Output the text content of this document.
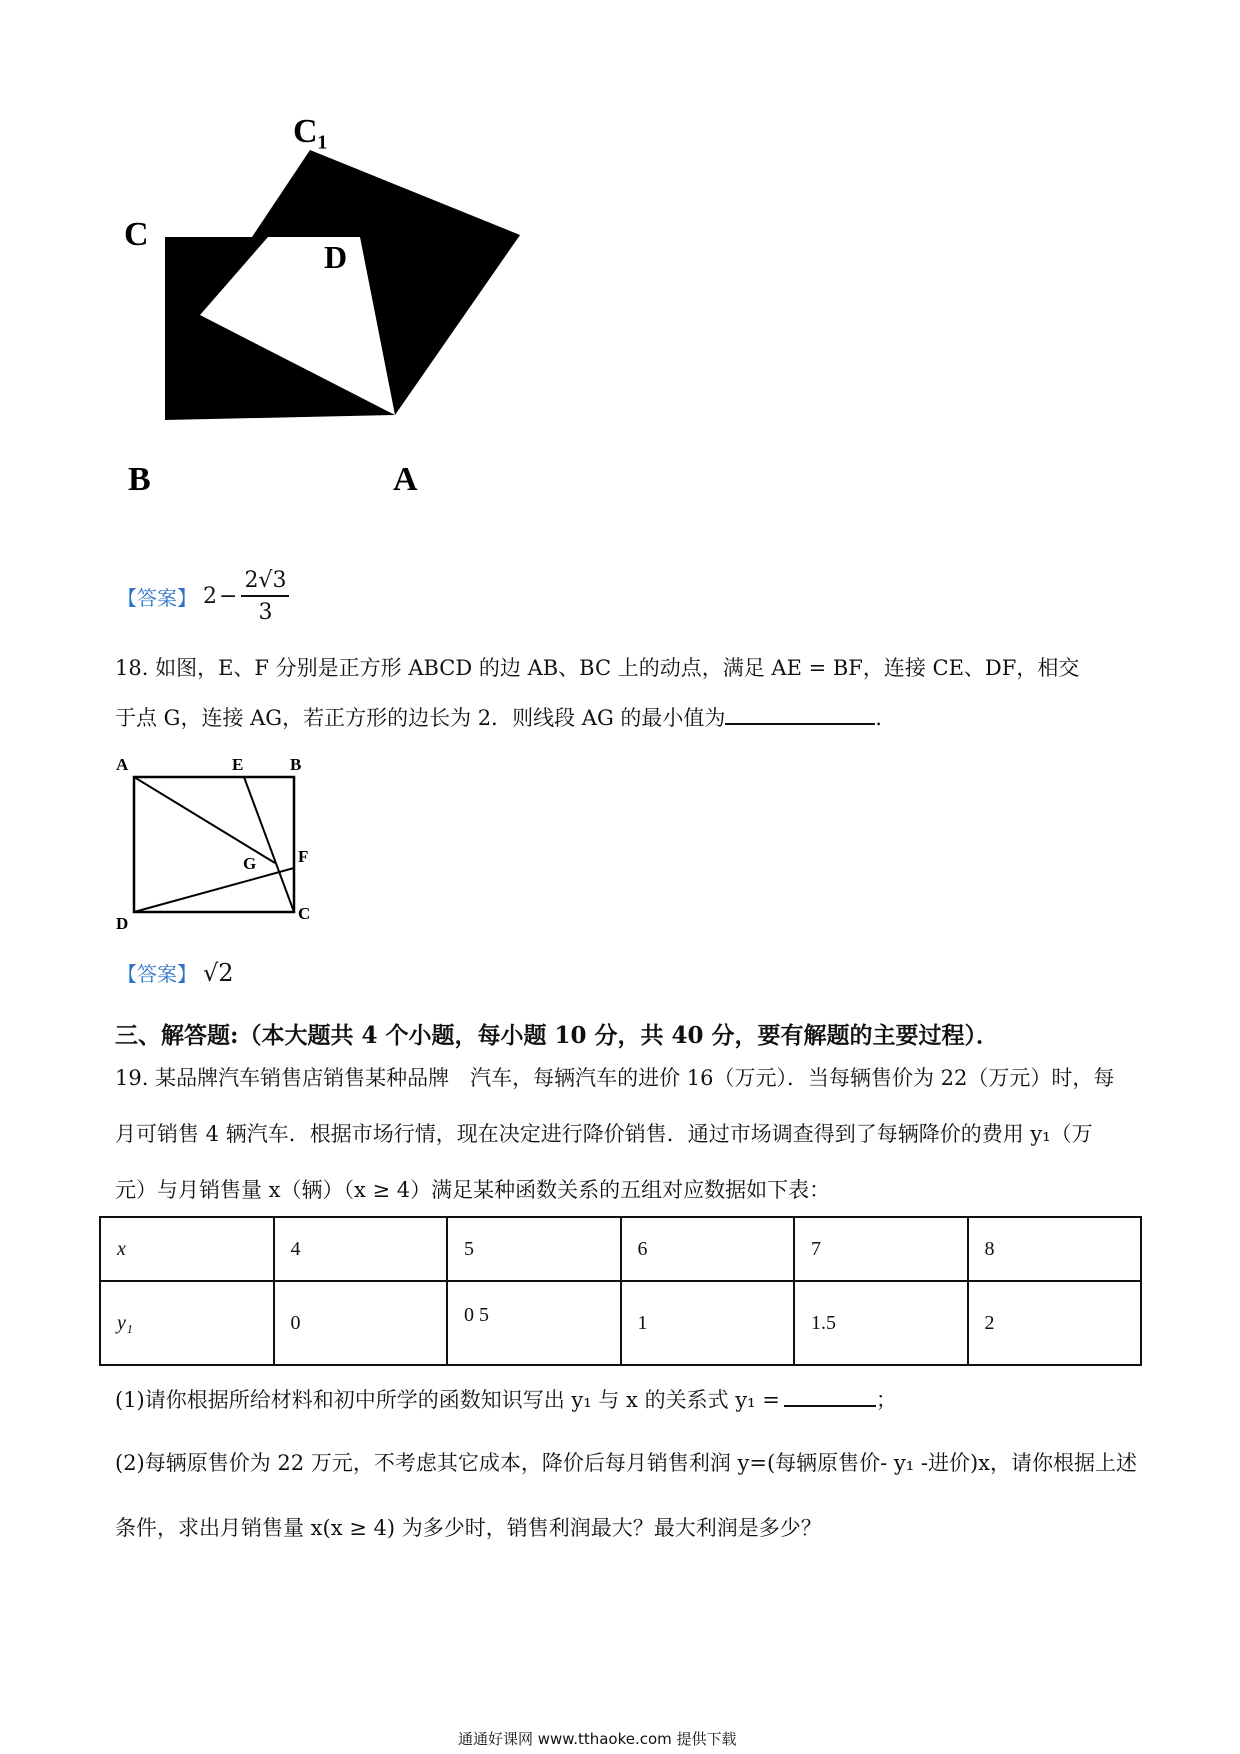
C₁
C
D
D₁
B₁
B	A
【答案】 $2 - \frac{2√3}{3}$
18. 如图，E、F 分别是正方形 ABCD 的边 AB、BC 上的动点，满足 AE = BF，连接 CE、DF，相交
于点 G，连接 AG，若正方形的边长为 2．则线段 AG 的最小值为	．
A	E	B
G F
D
C
【答案】 √2
三、解答题:（本大题共 4 个小题，每小题 10 分，共 40 分，要有解题的主要过程）．
19. 某品牌汽车销售店销售某种品牌　汽车，每辆汽车的进价 16（万元）．当每辆售价为 22（万元）时，每
月可销售 4 辆汽车．根据市场行情，现在决定进行降价销售．通过市场调查得到了每辆降价的费用 y₁（万
元）与月销售量 x（辆）（x ≥ 4）满足某种函数关系的五组对应数据如下表：
x	4	5	6	7	8
y₁	0	0 5	1	1.5	2
(1)请你根据所给材料和初中所学的函数知识写出 y₁ 与 x 的关系式 y₁ =	；
(2)每辆原售价为 22 万元，不考虑其它成本，降价后每月销售利润 y=(每辆原售价- y₁ -进价)x，请你根据上述
条件，求出月销售量 x(x ≥ 4) 为多少时，销售利润最大？最大利润是多少？
通通好课网 www.tthaoke.com 提供下载
